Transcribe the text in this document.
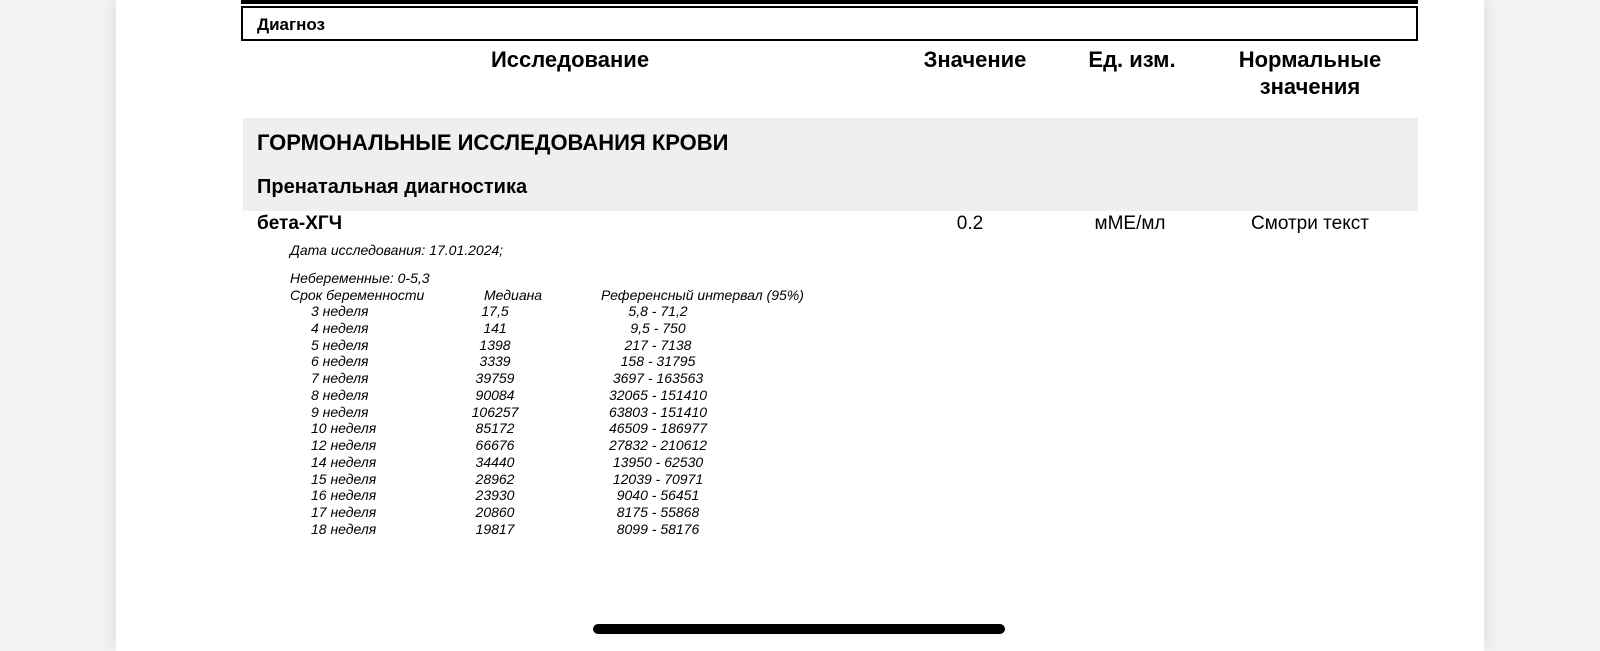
Диагноз
Исследование	Значение	Ед. изм.	Нормальные
значения
ГОРМОНАЛЬНЫЕ ИССЛЕДОВАНИЯ КРОВИ
Пренатальная диагностика
бета-ХГЧ	0.2	мМЕ/мл	Смотри текст
Дата исследования: 17.01.2024;
Небеременные: 0-5,3
Срок беременности	Медиана	Референсный интервал (95%)
3 неделя	17,5	5,8 - 71,2
4 неделя	141	9,5 - 750
5 неделя	1398	217 - 7138
6 неделя	3339	158 - 31795
7 неделя	39759	3697 - 163563
8 неделя	90084	32065 - 151410
9 неделя	106257	63803 - 151410
10 неделя	85172	46509 - 186977
12 неделя	66676	27832 - 210612
14 неделя	34440	13950 - 62530
15 неделя	28962	12039 - 70971
16 неделя	23930	9040 - 56451
17 неделя	20860	8175 - 55868
18 неделя	19817	8099 - 58176
